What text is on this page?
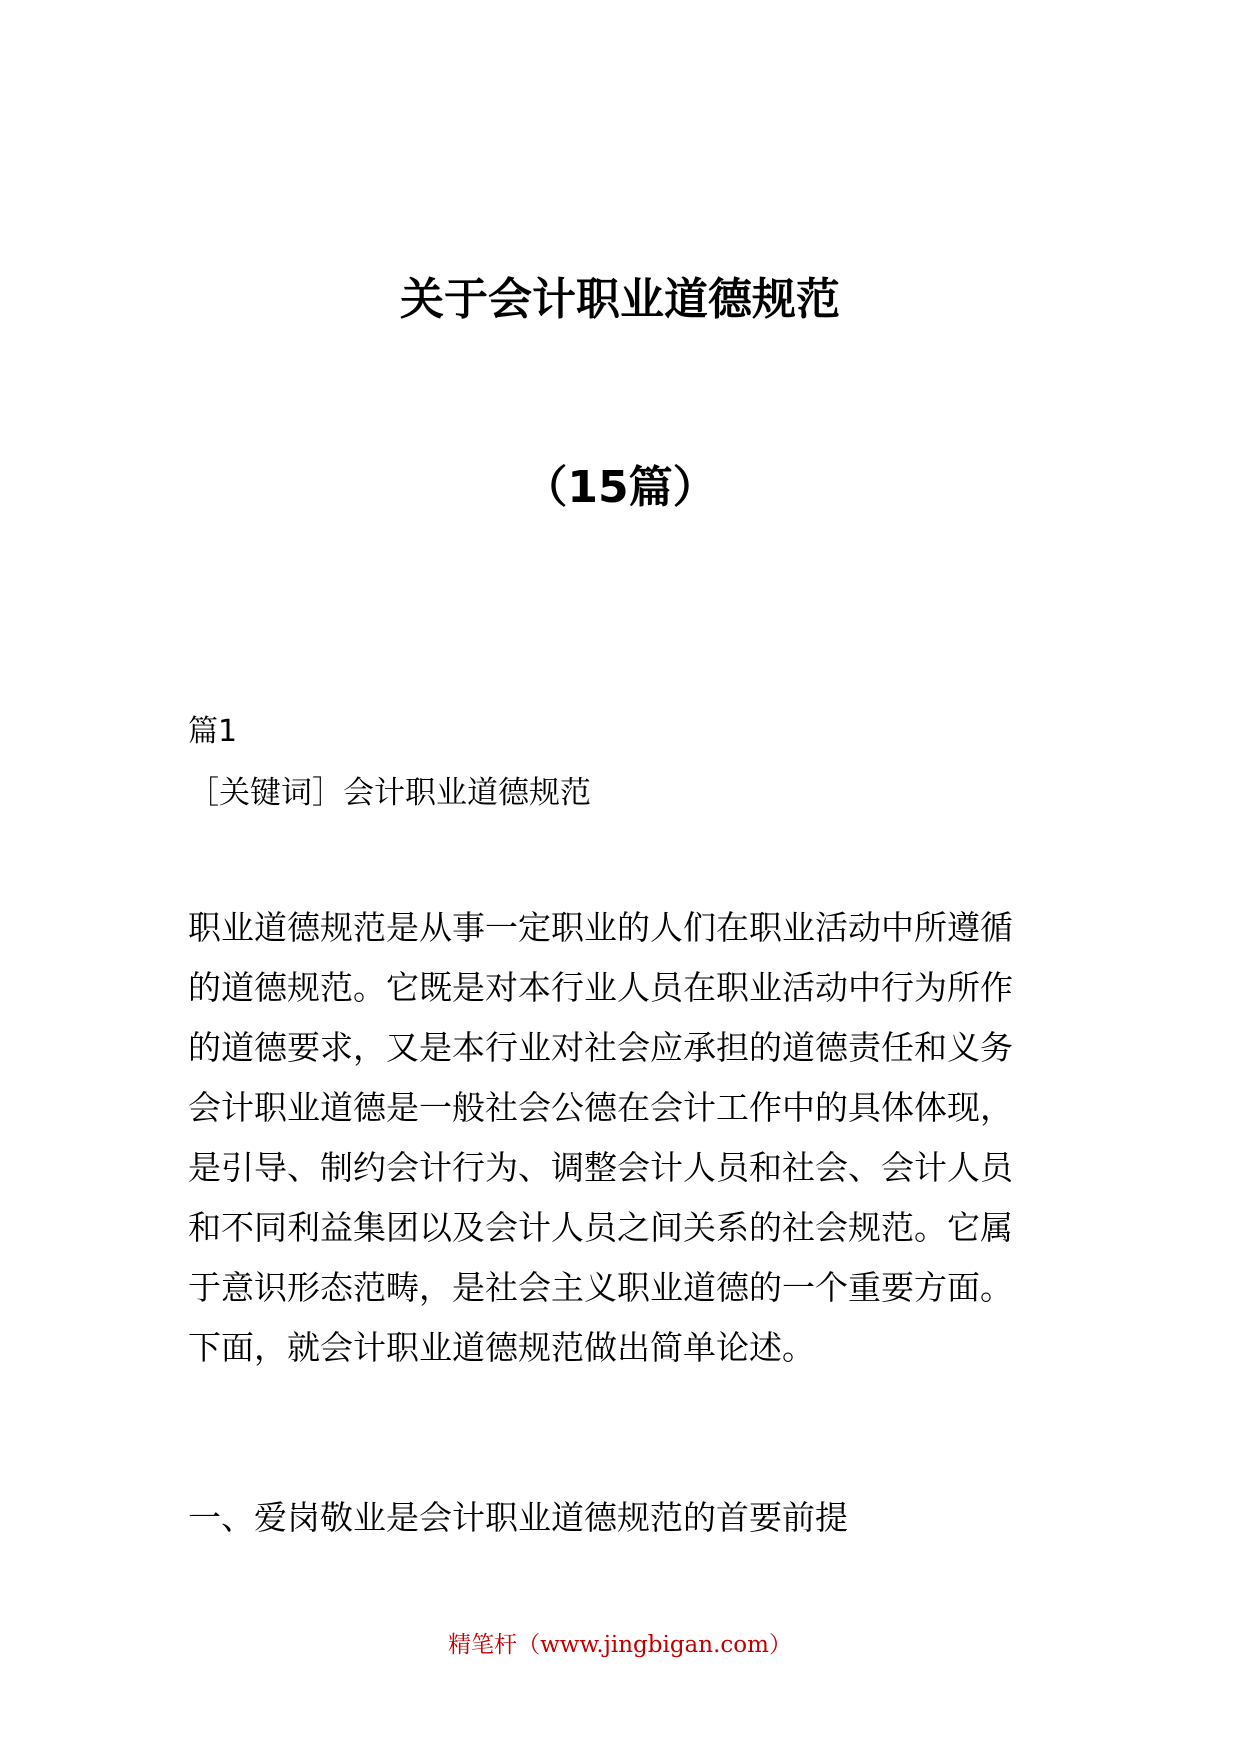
关于会计职业道德规范
（15篇）
篇1
［关键词］会计职业道德规范
职业道德规范是从事一定职业的人们在职业活动中所遵循
的道德规范。它既是对本行业人员在职业活动中行为所作
的道德要求，又是本行业对社会应承担的道德责任和义务
会计职业道德是一般社会公德在会计工作中的具体体现，
是引导、制约会计行为、调整会计人员和社会、会计人员
和不同利益集团以及会计人员之间关系的社会规范。它属
于意识形态范畴，是社会主义职业道德的一个重要方面。
下面，就会计职业道德规范做出简单论述。
一、爱岗敬业是会计职业道德规范的首要前提
精笔杆（www.jingbigan.com）
